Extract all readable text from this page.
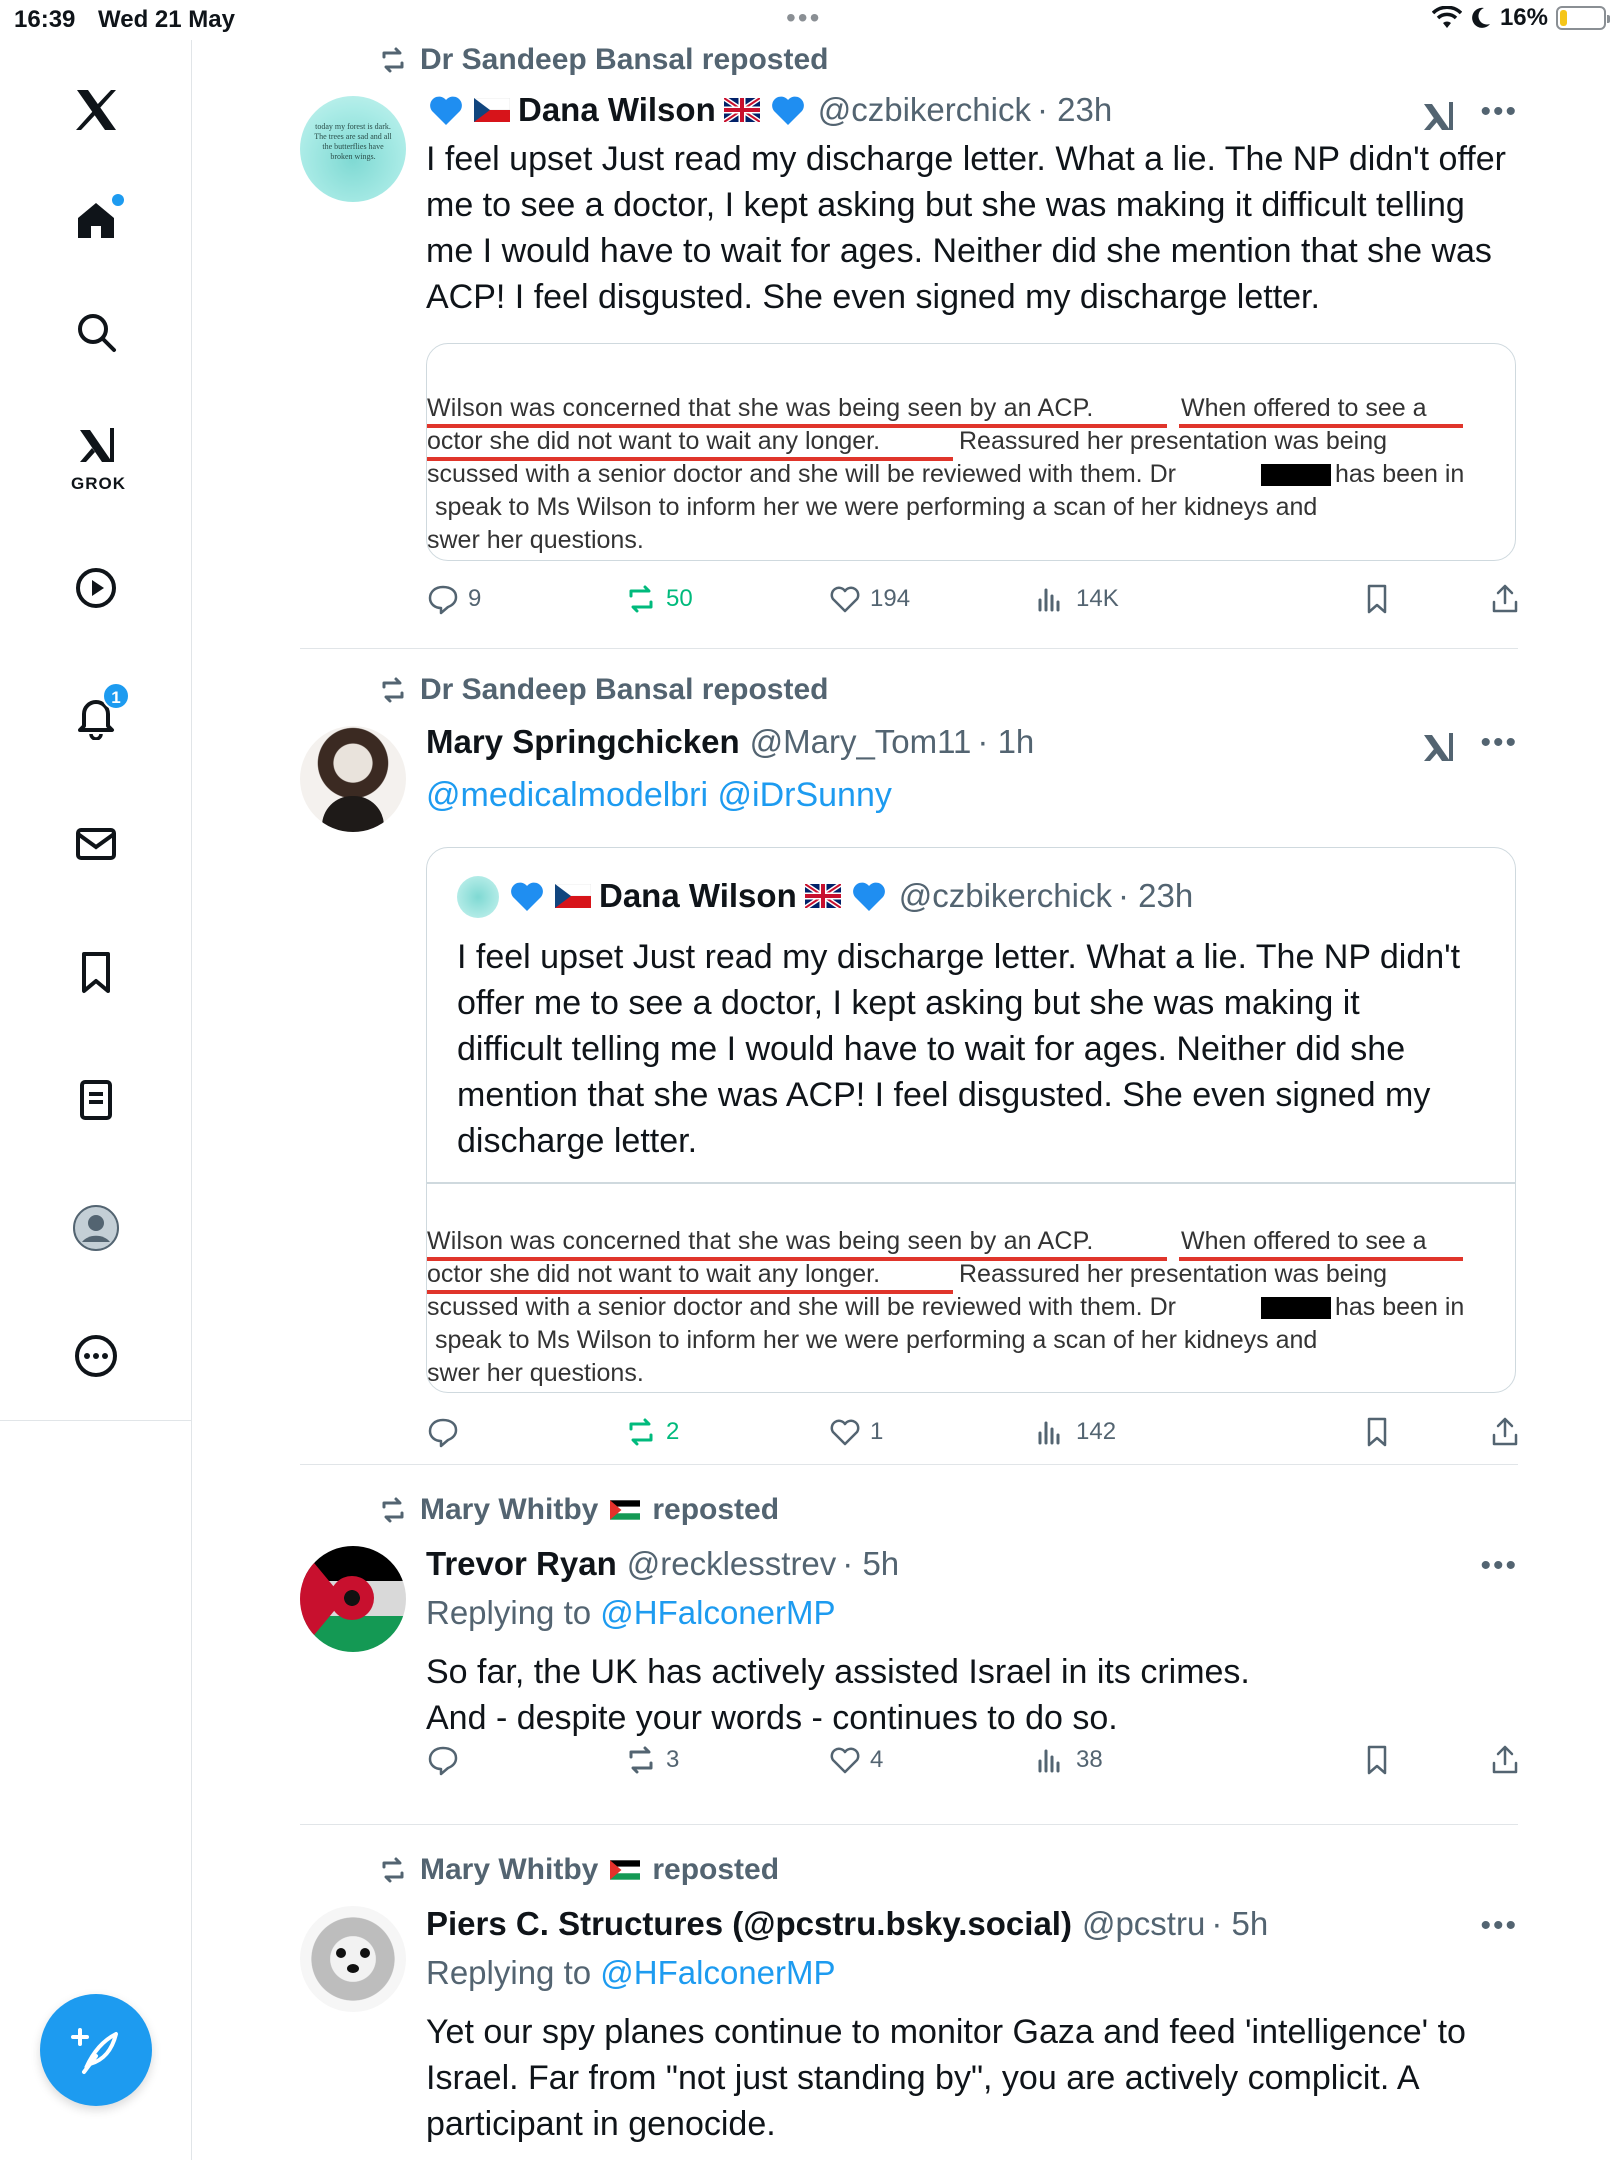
16:39 Wed 21 May	•••	16%
GROK
1
Dr Sandeep Bansal reposted
today my forest is dark.
The trees are sad and all
the butterflies have
broken wings.
Dana Wilson	@czbikerchick · 23h	•••
I feel upset Just read my discharge letter. What a lie. The NP didn't offer me to see a doctor, I kept asking but she was making it difficult telling me I would have to wait for ages. Neither did she mention that she was ACP! I feel disgusted. She even signed my discharge letter.
Wilson was concerned that she was being seen by an ACP.	When offered to see a
octor she did not want to wait any longer.	Reassured her presentation was being
scussed with a senior doctor and she will be reviewed with them. Dr	has been in
speak to Ms Wilson to inform her we were performing a scan of her kidneys and
swer her questions.
9	50	194	14K
Dr Sandeep Bansal reposted
Mary Springchicken @Mary_Tom11 · 1h	•••
@medicalmodelbri @iDrSunny
Dana Wilson	@czbikerchick · 23h
I feel upset Just read my discharge letter. What a lie. The NP didn't offer me to see a doctor, I kept asking but she was making it difficult telling me I would have to wait for ages. Neither did she mention that she was ACP! I feel disgusted. She even signed my discharge letter.
Wilson was concerned that she was being seen by an ACP.	When offered to see a
octor she did not want to wait any longer.	Reassured her presentation was being
scussed with a senior doctor and she will be reviewed with them. Dr	has been in
speak to Ms Wilson to inform her we were performing a scan of her kidneys and
swer her questions.
2	1	142
Mary Whitby reposted
Trevor Ryan @recklesstrev · 5h	•••
Replying to @HFalconerMP
So far, the UK has actively assisted Israel in its crimes.
And - despite your words - continues to do so.
3	4	38
Mary Whitby reposted
Piers C. Structures (@pcstru.bsky.social) @pcstru · 5h	•••
Replying to @HFalconerMP
Yet our spy planes continue to monitor Gaza and feed 'intelligence' to Israel. Far from "not just standing by", you are actively complicit. A participant in genocide.
